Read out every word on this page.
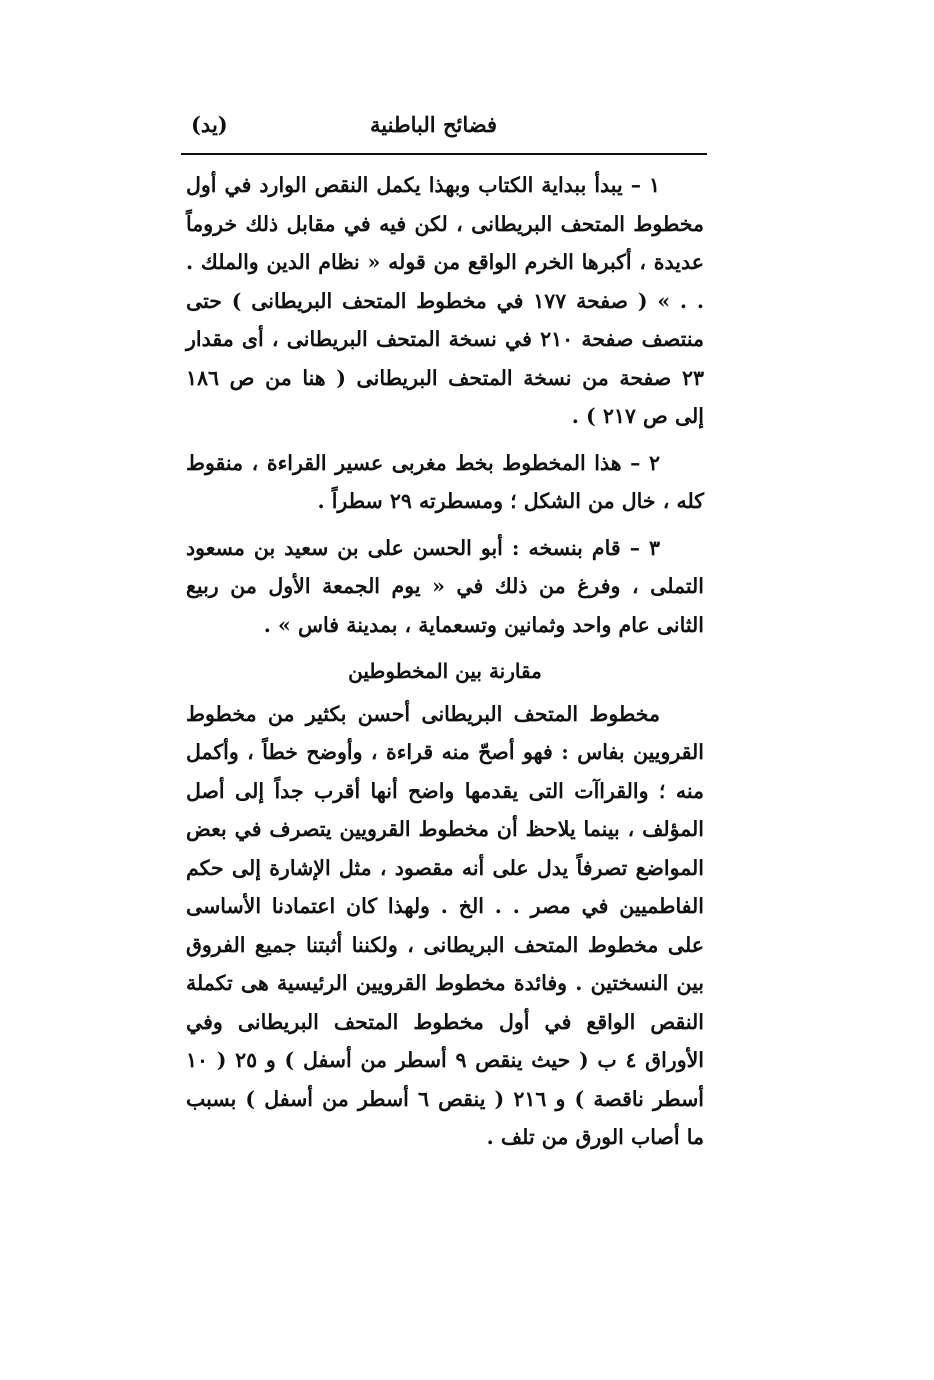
فضائح الباطنية
(يد)

١ – يبدأ ببداية الكتاب وبهذا يكمل النقص الوارد في أول مخطوط المتحف البريطانى ، لكن فيه في مقابل ذلك خروماً عديدة ، أكبرها الخرم الواقع من قوله « نظام الدين والملك . . . » ( صفحة ١٧٧ في مخطوط المتحف البريطانى ) حتى منتصف صفحة ٢١٠ في نسخة المتحف البريطانى ، أى مقدار ٢٣ صفحة من نسخة المتحف البريطانى ( هنا من ص ١٨٦ إلى ص ٢١٧ ) .

٢ – هذا المخطوط بخط مغربى عسير القراءة ، منقوط كله ، خال من الشكل ؛ ومسطرته ٢٩ سطراً .

٣ – قام بنسخه : أبو الحسن على بن سعيد بن مسعود التملى ، وفرغ من ذلك في « يوم الجمعة الأول من ربيع الثانى عام واحد وثمانين وتسعماية ، بمدينة فاس » .

مقارنة بين المخطوطين

مخطوط المتحف البريطانى أحسن بكثير من مخطوط القرويين بفاس : فهو أصحّ منه قراءة ، وأوضح خطاً ، وأكمل منه ؛ والقراآت التى يقدمها واضح أنها أقرب جداً إلى أصل المؤلف ، بينما يلاحظ أن مخطوط القرويين يتصرف في بعض المواضع تصرفاً يدل على أنه مقصود ، مثل الإشارة إلى حكم الفاطميين في مصر . . الخ . ولهذا كان اعتمادنا الأساسى على مخطوط المتحف البريطانى ، ولكننا أثبتنا جميع الفروق بين النسختين . وفائدة مخطوط القرويين الرئيسية هى تكملة النقص الواقع في أول مخطوط المتحف البريطانى وفي الأوراق ٤ ب ( حيث ينقص ٩ أسطر من أسفل ) و ٢٥ ( ١٠ أسطر ناقصة ) و ٢١٦ ( ينقص ٦ أسطر من أسفل ) بسبب ما أصاب الورق من تلف .
